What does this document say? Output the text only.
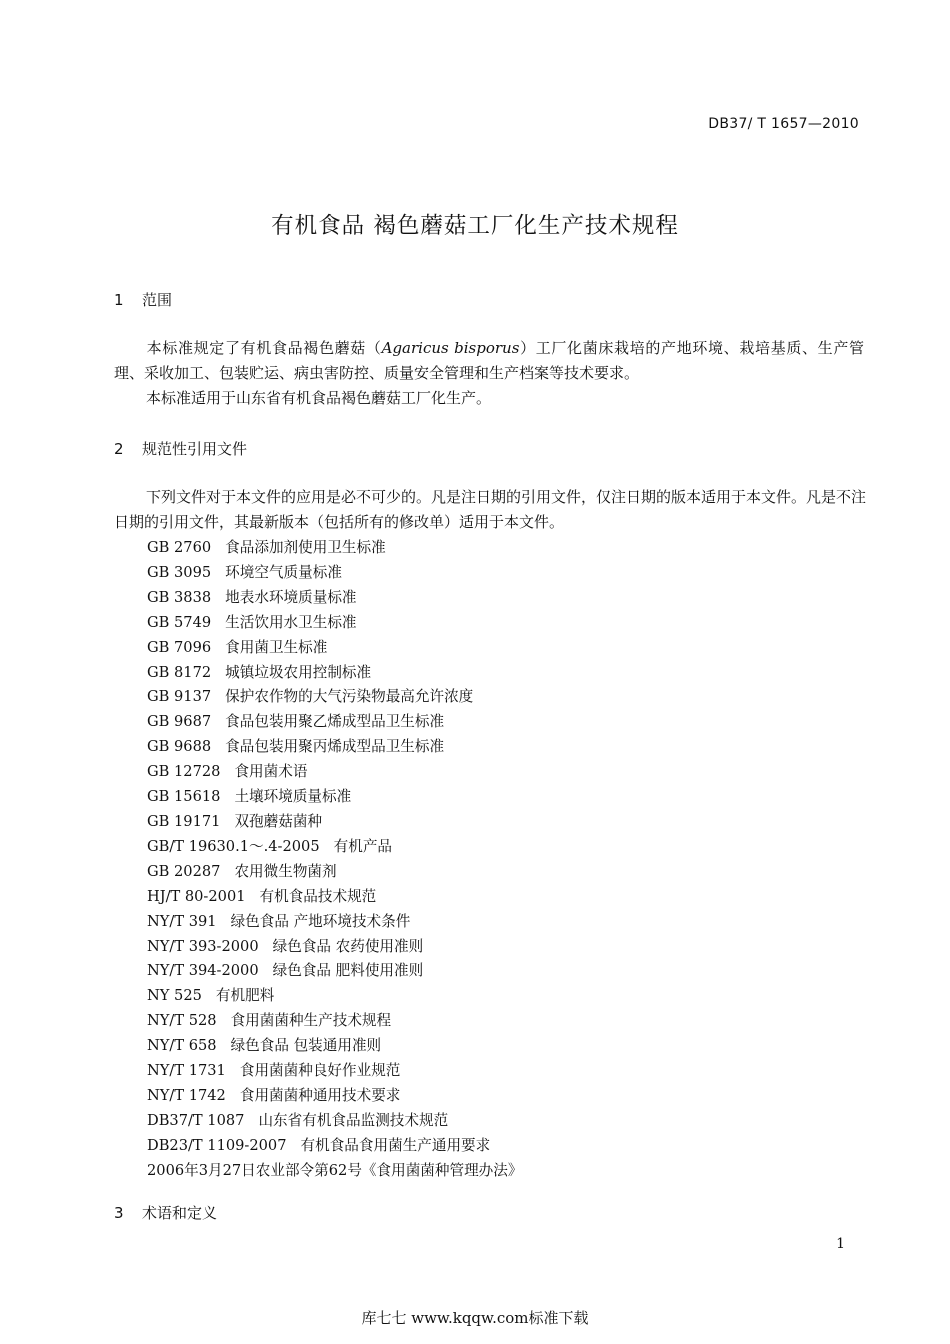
DB37/ T 1657—2010
有机食品 褐色蘑菇工厂化生产技术规程
1 范围
本标准规定了有机食品褐色蘑菇（Agaricus bisporus）工厂化菌床栽培的产地环境、栽培基质、生产管理、采收加工、包装贮运、病虫害防控、质量安全管理和生产档案等技术要求。
本标准适用于山东省有机食品褐色蘑菇工厂化生产。
2 规范性引用文件
下列文件对于本文件的应用是必不可少的。凡是注日期的引用文件，仅注日期的版本适用于本文件。凡是不注日期的引用文件，其最新版本（包括所有的修改单）适用于本文件。
GB 2760 食品添加剂使用卫生标准
GB 3095 环境空气质量标准
GB 3838 地表水环境质量标准
GB 5749 生活饮用水卫生标准
GB 7096 食用菌卫生标准
GB 8172 城镇垃圾农用控制标准
GB 9137 保护农作物的大气污染物最高允许浓度
GB 9687 食品包装用聚乙烯成型品卫生标准
GB 9688 食品包装用聚丙烯成型品卫生标准
GB 12728 食用菌术语
GB 15618 土壤环境质量标准
GB 19171 双孢蘑菇菌种
GB/T 19630.1～.4-2005 有机产品
GB 20287 农用微生物菌剂
HJ/T 80-2001 有机食品技术规范
NY/T 391 绿色食品 产地环境技术条件
NY/T 393-2000 绿色食品 农药使用准则
NY/T 394-2000 绿色食品 肥料使用准则
NY 525 有机肥料
NY/T 528 食用菌菌种生产技术规程
NY/T 658 绿色食品 包装通用准则
NY/T 1731 食用菌菌种良好作业规范
NY/T 1742 食用菌菌种通用技术要求
DB37/T 1087 山东省有机食品监测技术规范
DB23/T 1109-2007 有机食品食用菌生产通用要求
2006年3月27日农业部令第62号《食用菌菌种管理办法》
3 术语和定义
1
库七七 www.kqqw.com标准下载
